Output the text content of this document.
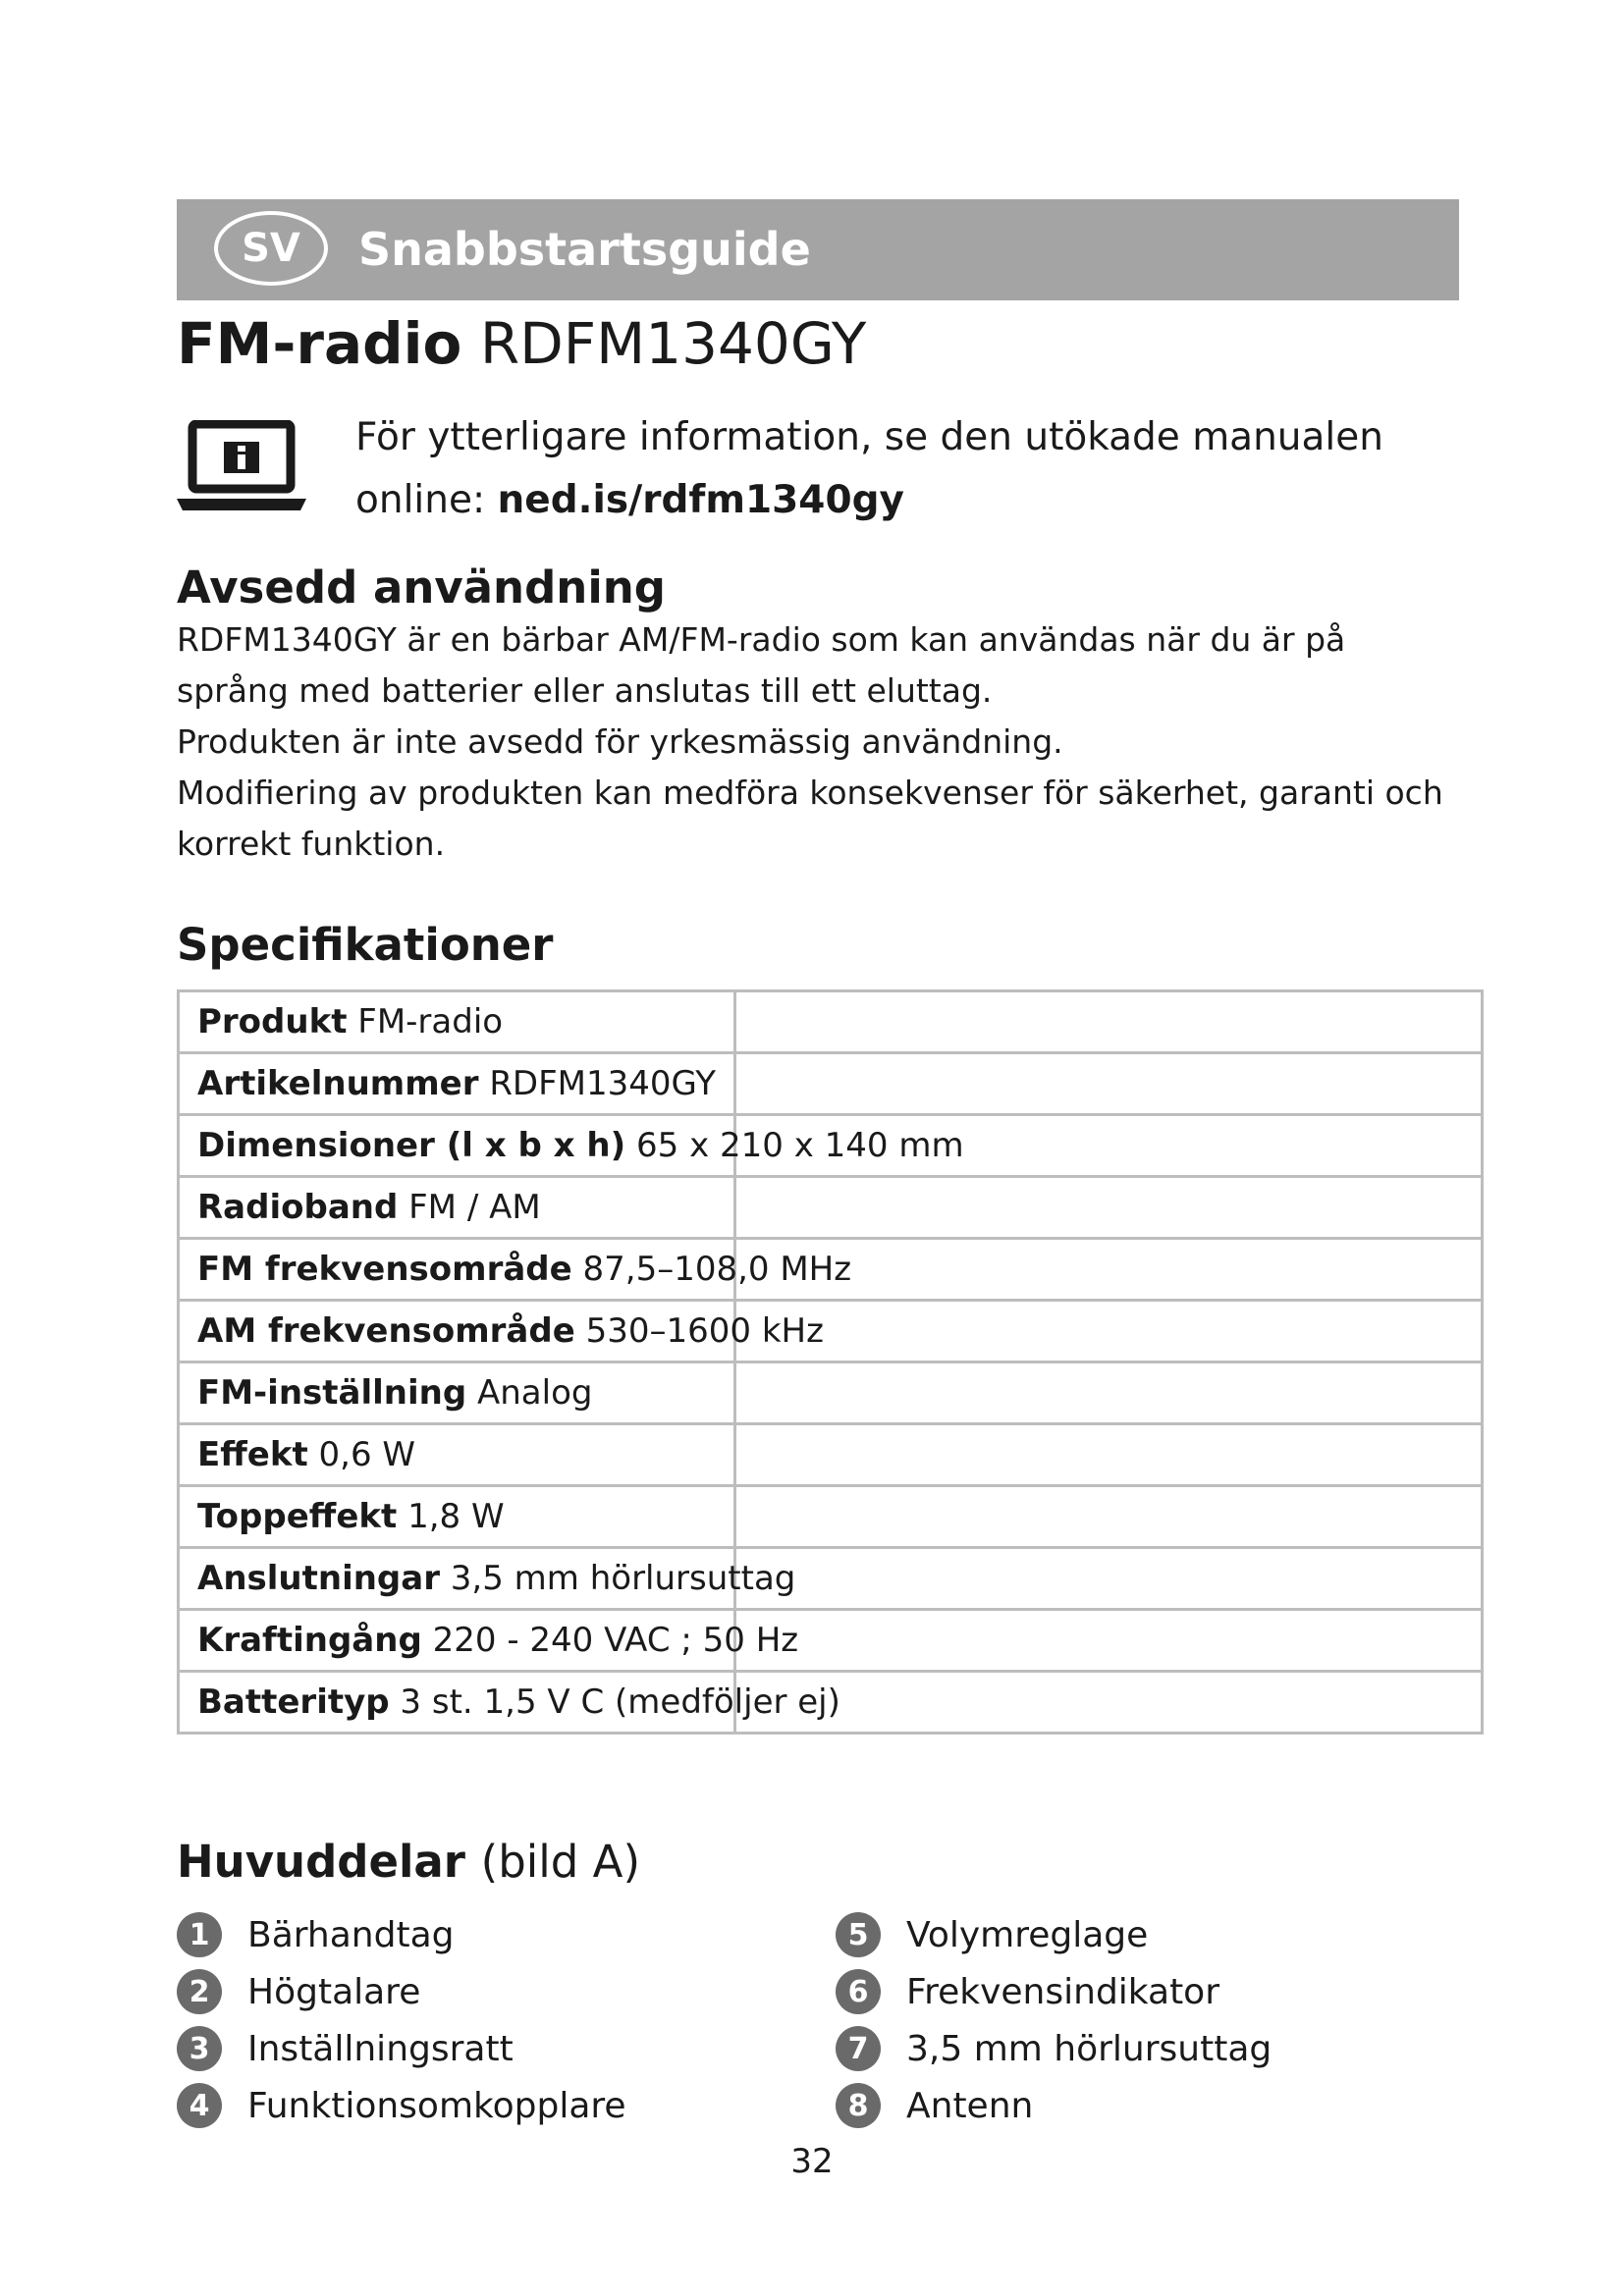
SV	Snabbstartsguide
FM-radio RDFM1340GY
För ytterligare information, se den utökade manualen
online: ned.is/rdfm1340gy
Avsedd användning

RDFM1340GY är en bärbar AM/FM-radio som kan användas när du är på språng med batterier eller anslutas till ett eluttag.

Produkten är inte avsedd för yrkesmässig användning.

Modifiering av produkten kan medföra konsekvenser för säkerhet, garanti och korrekt funktion.

Specifikationer
Produkt FM-radio	
Artikelnummer RDFM1340GY	
Dimensioner (l x b x h) 65 x 210 x 140 mm	
Radioband FM / AM	
FM frekvensområde 87,5–108,0 MHz	
AM frekvensområde 530–1600 kHz	
FM-inställning Analog	
Effekt 0,6 W	
Toppeffekt 1,8 W	
Anslutningar 3,5 mm hörlursuttag	
Kraftingång 220 - 240 VAC ; 50 Hz	
Batterityp 3 st. 1,5 V C (medföljer ej)	
Huvuddelar (bild A)
1	Bärhandtag
2	Högtalare
3	Inställningsratt
4	Funktionsomkopplare
5	Volymreglage
6	Frekvensindikator
7	3,5 mm hörlursuttag
8	Antenn
32
